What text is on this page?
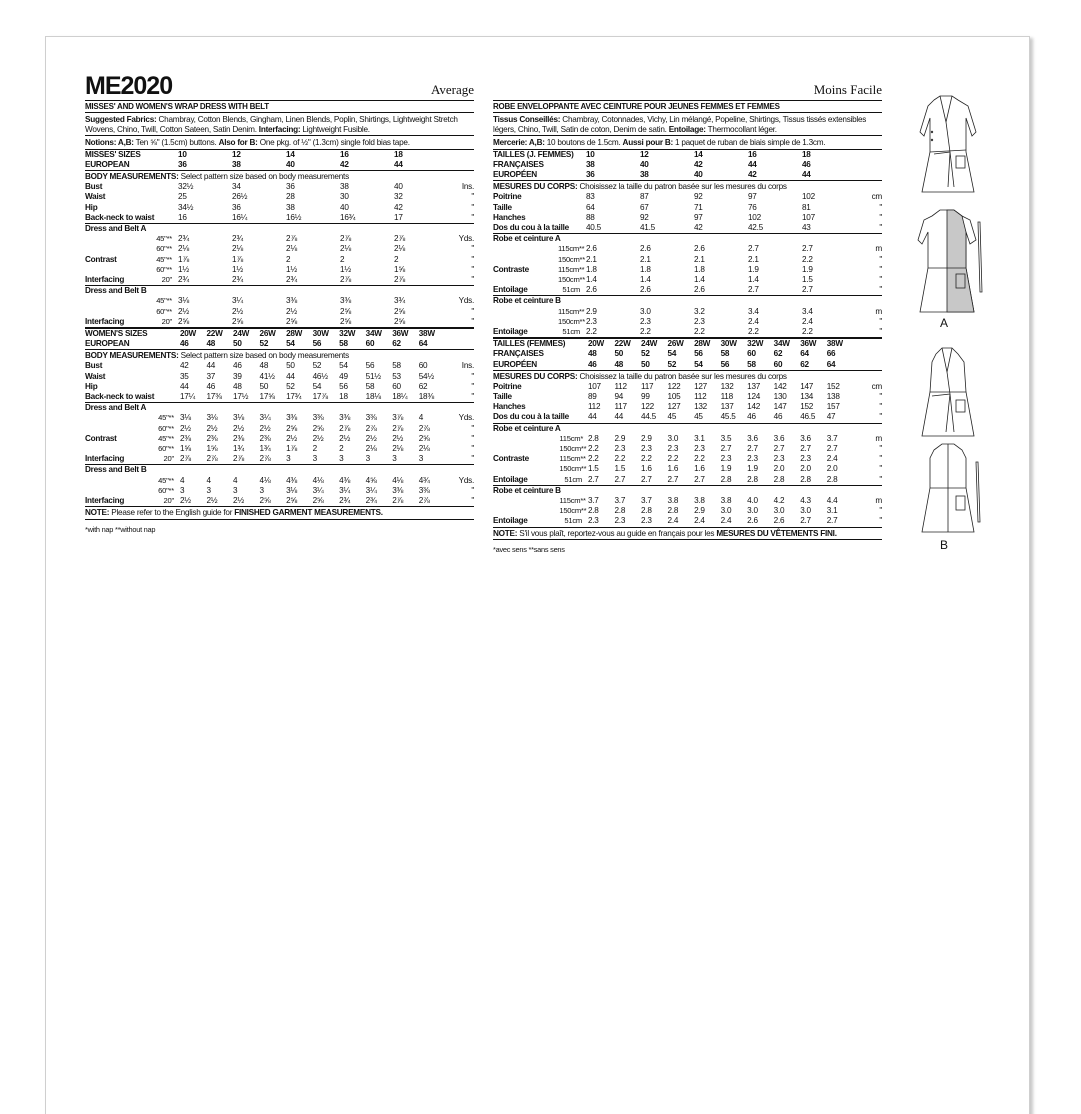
ME2020	Average
MISSES' AND WOMEN'S WRAP DRESS WITH BELT
Suggested Fabrics: Chambray, Cotton Blends, Gingham, Linen Blends, Poplin, Shirtings, Lightweight Stretch Wovens, Chino, Twill, Cotton Sateen, Satin Denim. Interfacing: Lightweight Fusible.
Notions: A,B: Ten ⅝" (1.5cm) buttons. Also for B: One pkg. of ½" (1.3cm) single fold bias tape.
MISSES' SIZES		10	12	14	16	18	
EUROPEAN		36	38	40	42	44	
BODY MEASUREMENTS: Select pattern size based on body measurements							
Bust		32½	34	36	38	40	Ins.
Waist		25	26½	28	30	32	"
Hip		34½	36	38	40	42	"
Back-neck to waist		16	16¼	16½	16¾	17	"
Dress and Belt A							
	45"**	2¾	2¾	2⅞	2⅞	2⅞	Yds.
	60"**	2⅛	2⅛	2⅛	2⅛	2⅛	"
Contrast	45"**	1⅞	1⅞	2	2	2	"
	60"**	1½	1½	1½	1½	1⅝	"
Interfacing	20"	2¾	2¾	2¾	2⅞	2⅞	"
Dress and Belt B							
	45"**	3⅛	3¼	3⅜	3⅜	3¾	Yds.
	60"**	2½	2½	2½	2⅝	2⅝	"
Interfacing	20"	2⅝	2⅝	2⅝	2⅝	2⅝	"
WOMEN'S SIZES		20W	22W	24W	26W	28W	30W	32W	34W	36W	38W	
EUROPEAN		46	48	50	52	54	56	58	60	62	64	
BODY MEASUREMENTS: Select pattern size based on body measurements												
Bust		42	44	46	48	50	52	54	56	58	60	Ins.
Waist		35	37	39	41½	44	46½	49	51½	53	54½	"
Hip		44	46	48	50	52	54	56	58	60	62	"
Back-neck to waist		17¼	17⅜	17½	17⅝	17¾	17⅞	18	18⅛	18¼	18⅜	"
Dress and Belt A												
	45"**	3⅛	3⅛	3⅛	3¼	3⅜	3⅜	3⅜	3⅜	3⅞	4	Yds.
	60"**	2½	2½	2½	2½	2⅝	2⅝	2⅞	2⅞	2⅞	2⅞	"
Contrast	45"**	2⅜	2⅜	2⅜	2⅜	2½	2½	2½	2½	2½	2⅝	"
	60"**	1⅝	1⅝	1¾	1¾	1⅞	2	2	2⅛	2⅛	2⅛	"
Interfacing	20"	2⅞	2⅞	2⅞	2⅞	3	3	3	3	3	3	"
Dress and Belt B												
	45"**	4	4	4	4⅛	4⅜	4⅛	4⅜	4⅝	4⅛	4¾	Yds.
	60"**	3	3	3	3	3⅛	3¼	3¼	3¼	3⅜	3⅜	"
Interfacing	20"	2½	2½	2½	2⅝	2⅝	2⅝	2¾	2¾	2⅞	2⅞	"
NOTE: Please refer to the English guide for FINISHED GARMENT MEASUREMENTS.
*with nap **without nap
Moins Facile
ROBE ENVELOPPANTE AVEC CEINTURE POUR JEUNES FEMMES ET FEMMES
Tissus Conseillés: Chambray, Cotonnades, Vichy, Lin mélangé, Popeline, Shirtings, Tissus tissés extensibles légers, Chino, Twill, Satin de coton, Denim de satin. Entoilage: Thermocollant léger.
Mercerie: A,B: 10 boutons de 1.5cm. Aussi pour B: 1 paquet de ruban de biais simple de 1.3cm.
TAILLES (J. FEMMES)		10	12	14	16	18	
FRANÇAISES		38	40	42	44	46	
EUROPÉEN		36	38	40	42	44	
MESURES DU CORPS: Choisissez la taille du patron basée sur les mesures du corps							
Poitrine		83	87	92	97	102	cm
Taille		64	67	71	76	81	"
Hanches		88	92	97	102	107	"
Dos du cou à la taille		40.5	41.5	42	42.5	43	"
Robe et ceinture A							
	115cm**	2.6	2.6	2.6	2.7	2.7	m
	150cm**	2.1	2.1	2.1	2.1	2.2	"
Contraste	115cm**	1.8	1.8	1.8	1.9	1.9	"
	150cm**	1.4	1.4	1.4	1.4	1.5	"
Entoilage	51cm	2.6	2.6	2.6	2.7	2.7	"
Robe et ceinture B							
	115cm**	2.9	3.0	3.2	3.4	3.4	m
	150cm**	2.3	2.3	2.3	2.4	2.4	"
Entoilage	51cm	2.2	2.2	2.2	2.2	2.2	"
TAILLES (FEMMES)		20W	22W	24W	26W	28W	30W	32W	34W	36W	38W	
FRANÇAISES		48	50	52	54	56	58	60	62	64	66	
EUROPÉEN		46	48	50	52	54	56	58	60	62	64	
MESURES DU CORPS: Choisissez la taille du patron basée sur les mesures du corps												
Poitrine		107	112	117	122	127	132	137	142	147	152	cm
Taille		89	94	99	105	112	118	124	130	134	138	"
Hanches		112	117	122	127	132	137	142	147	152	157	"
Dos du cou à la taille		44	44	44.5	45	45	45.5	46	46	46.5	47	"
Robe et ceinture A												
	115cm*	2.8	2.9	2.9	3.0	3.1	3.5	3.6	3.6	3.6	3.7	m
	150cm**	2.2	2.3	2.3	2.3	2.3	2.7	2.7	2.7	2.7	2.7	"
Contraste	115cm**	2.2	2.2	2.2	2.2	2.2	2.3	2.3	2.3	2.3	2.4	"
	150cm**	1.5	1.5	1.6	1.6	1.6	1.9	1.9	2.0	2.0	2.0	"
Entoilage	51cm	2.7	2.7	2.7	2.7	2.7	2.8	2.8	2.8	2.8	2.8	"
Robe et ceinture B												
	115cm**	3.7	3.7	3.7	3.8	3.8	3.8	4.0	4.2	4.3	4.4	m
	150cm**	2.8	2.8	2.8	2.8	2.9	3.0	3.0	3.0	3.0	3.1	"
Entoilage	51cm	2.3	2.3	2.3	2.4	2.4	2.4	2.6	2.6	2.7	2.7	"
NOTE: S'il vous plaît, reportez-vous au guide en français pour les MESURES DU VÊTEMENTS FINI.
*avec sens **sans sens
A
B
